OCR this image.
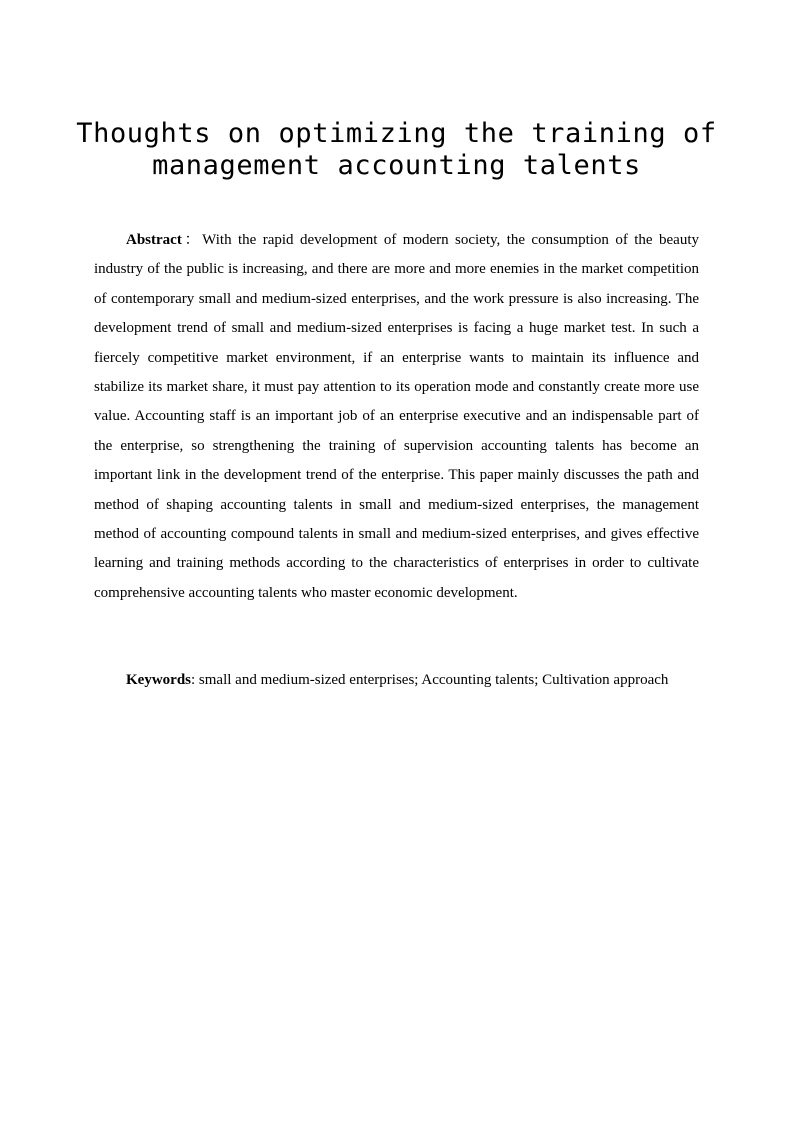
Thoughts on optimizing the training of
management accounting talents

Abstract：With the rapid development of modern society, the consumption of the beauty industry of the public is increasing, and there are more and more enemies in the market competition of contemporary small and medium-sized enterprises, and the work pressure is also increasing. The development trend of small and medium-sized enterprises is facing a huge market test. In such a fiercely competitive market environment, if an enterprise wants to maintain its influence and stabilize its market share, it must pay attention to its operation mode and constantly create more use value. Accounting staff is an important job of an enterprise executive and an indispensable part of the enterprise, so strengthening the training of supervision accounting talents has become an important link in the development trend of the enterprise. This paper mainly discusses the path and method of shaping accounting talents in small and medium-sized enterprises, the management method of accounting compound talents in small and medium-sized enterprises, and gives effective learning and training methods according to the characteristics of enterprises in order to cultivate comprehensive accounting talents who master economic development.

Keywords: small and medium-sized enterprises; Accounting talents; Cultivation approach
